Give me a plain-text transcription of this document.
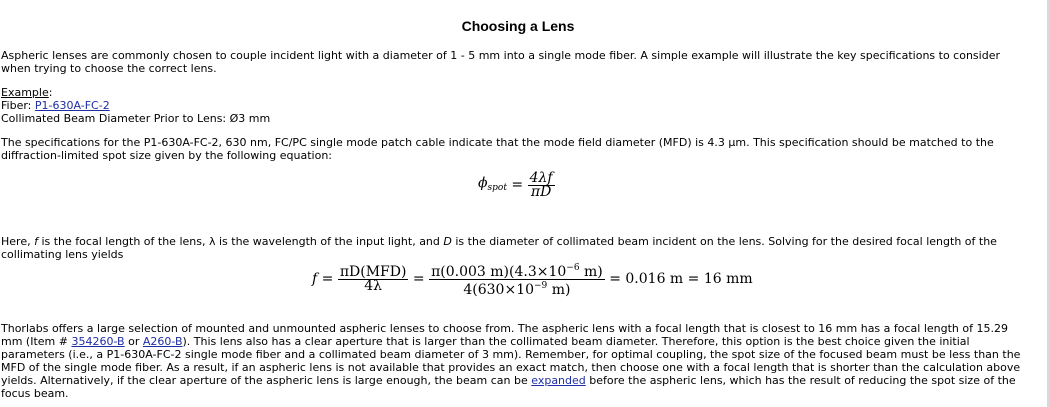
Choosing a Lens

Aspheric lenses are commonly chosen to couple incident light with a diameter of 1 - 5 mm into a single mode fiber. A simple example will illustrate the key specifications to consider when trying to choose the correct lens.

Example:
Fiber: P1-630A-FC-2
Collimated Beam Diameter Prior to Lens: Ø3 mm

The specifications for the P1-630A-FC-2, 630 nm, FC/PC single mode patch cable indicate that the mode field diameter (MFD) is 4.3 µm. This specification should be matched to the diffraction-limited spot size given by the following equation:

$\phi_{spot} = \frac{4\lambda f}{\pi D}$

Here, f is the focal length of the lens, λ is the wavelength of the input light, and D is the diameter of collimated beam incident on the lens. Solving for the desired focal length of the collimating lens yields

$f = \frac{\text{πD(MFD)}}{4\lambda} = \frac{\pi(0.003 m)(4.3\times 10^{-6} m)}{4(630\times 10^{-9} m)} = 0.016$ m = 16 mm

Thorlabs offers a large selection of mounted and unmounted aspheric lenses to choose from. The aspheric lens with a focal length that is closest to 16 mm has a focal length of 15.29 mm (Item # 354260-B or A260-B). This lens also has a clear aperture that is larger than the collimated beam diameter. Therefore, this option is the best choice given the initial parameters (i.e., a P1-630A-FC-2 single mode fiber and a collimated beam diameter of 3 mm). Remember, for optimal coupling, the spot size of the focused beam must be less than the MFD of the single mode fiber. As a result, if an aspheric lens is not available that provides an exact match, then choose one with a focal length that is shorter than the calculation above yields. Alternatively, if the clear aperture of the aspheric lens is large enough, the beam can be expanded before the aspheric lens, which has the result of reducing the spot size of the focus beam.
